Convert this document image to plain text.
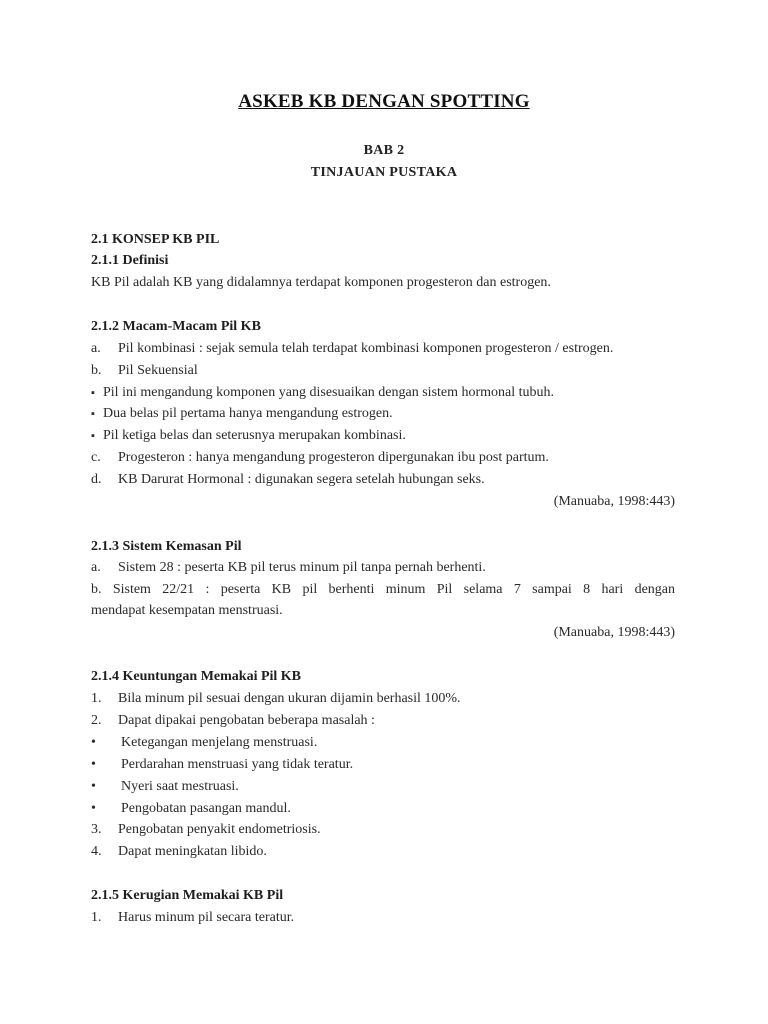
ASKEB KB DENGAN SPOTTING
BAB 2
TINJAUAN PUSTAKA
2.1 KONSEP KB PIL
2.1.1 Definisi
KB Pil adalah KB yang didalamnya terdapat komponen progesteron dan estrogen.
2.1.2 Macam-Macam Pil KB
a. Pil kombinasi : sejak semula telah terdapat kombinasi komponen progesteron / estrogen.
b. Pil Sekuensial
▪ Pil ini mengandung komponen yang disesuaikan dengan sistem hormonal tubuh.
▪ Dua belas pil pertama hanya mengandung estrogen.
▪ Pil ketiga belas dan seterusnya merupakan kombinasi.
c. Progesteron : hanya mengandung progesteron dipergunakan ibu post partum.
d. KB Darurat Hormonal : digunakan segera setelah hubungan seks.
(Manuaba, 1998:443)
2.1.3 Sistem Kemasan Pil
a. Sistem 28 : peserta KB pil terus minum pil tanpa pernah berhenti.
b. Sistem 22/21 : peserta KB pil berhenti minum Pil selama 7 sampai 8 hari dengan
mendapat kesempatan menstruasi.
(Manuaba, 1998:443)
2.1.4 Keuntungan Memakai Pil KB
1. Bila minum pil sesuai dengan ukuran dijamin berhasil 100%.
2. Dapat dipakai pengobatan beberapa masalah :
• Ketegangan menjelang menstruasi.
• Perdarahan menstruasi yang tidak teratur.
• Nyeri saat mestruasi.
• Pengobatan pasangan mandul.
3. Pengobatan penyakit endometriosis.
4. Dapat meningkatan libido.
2.1.5 Kerugian Memakai KB Pil
1. Harus minum pil secara teratur.
